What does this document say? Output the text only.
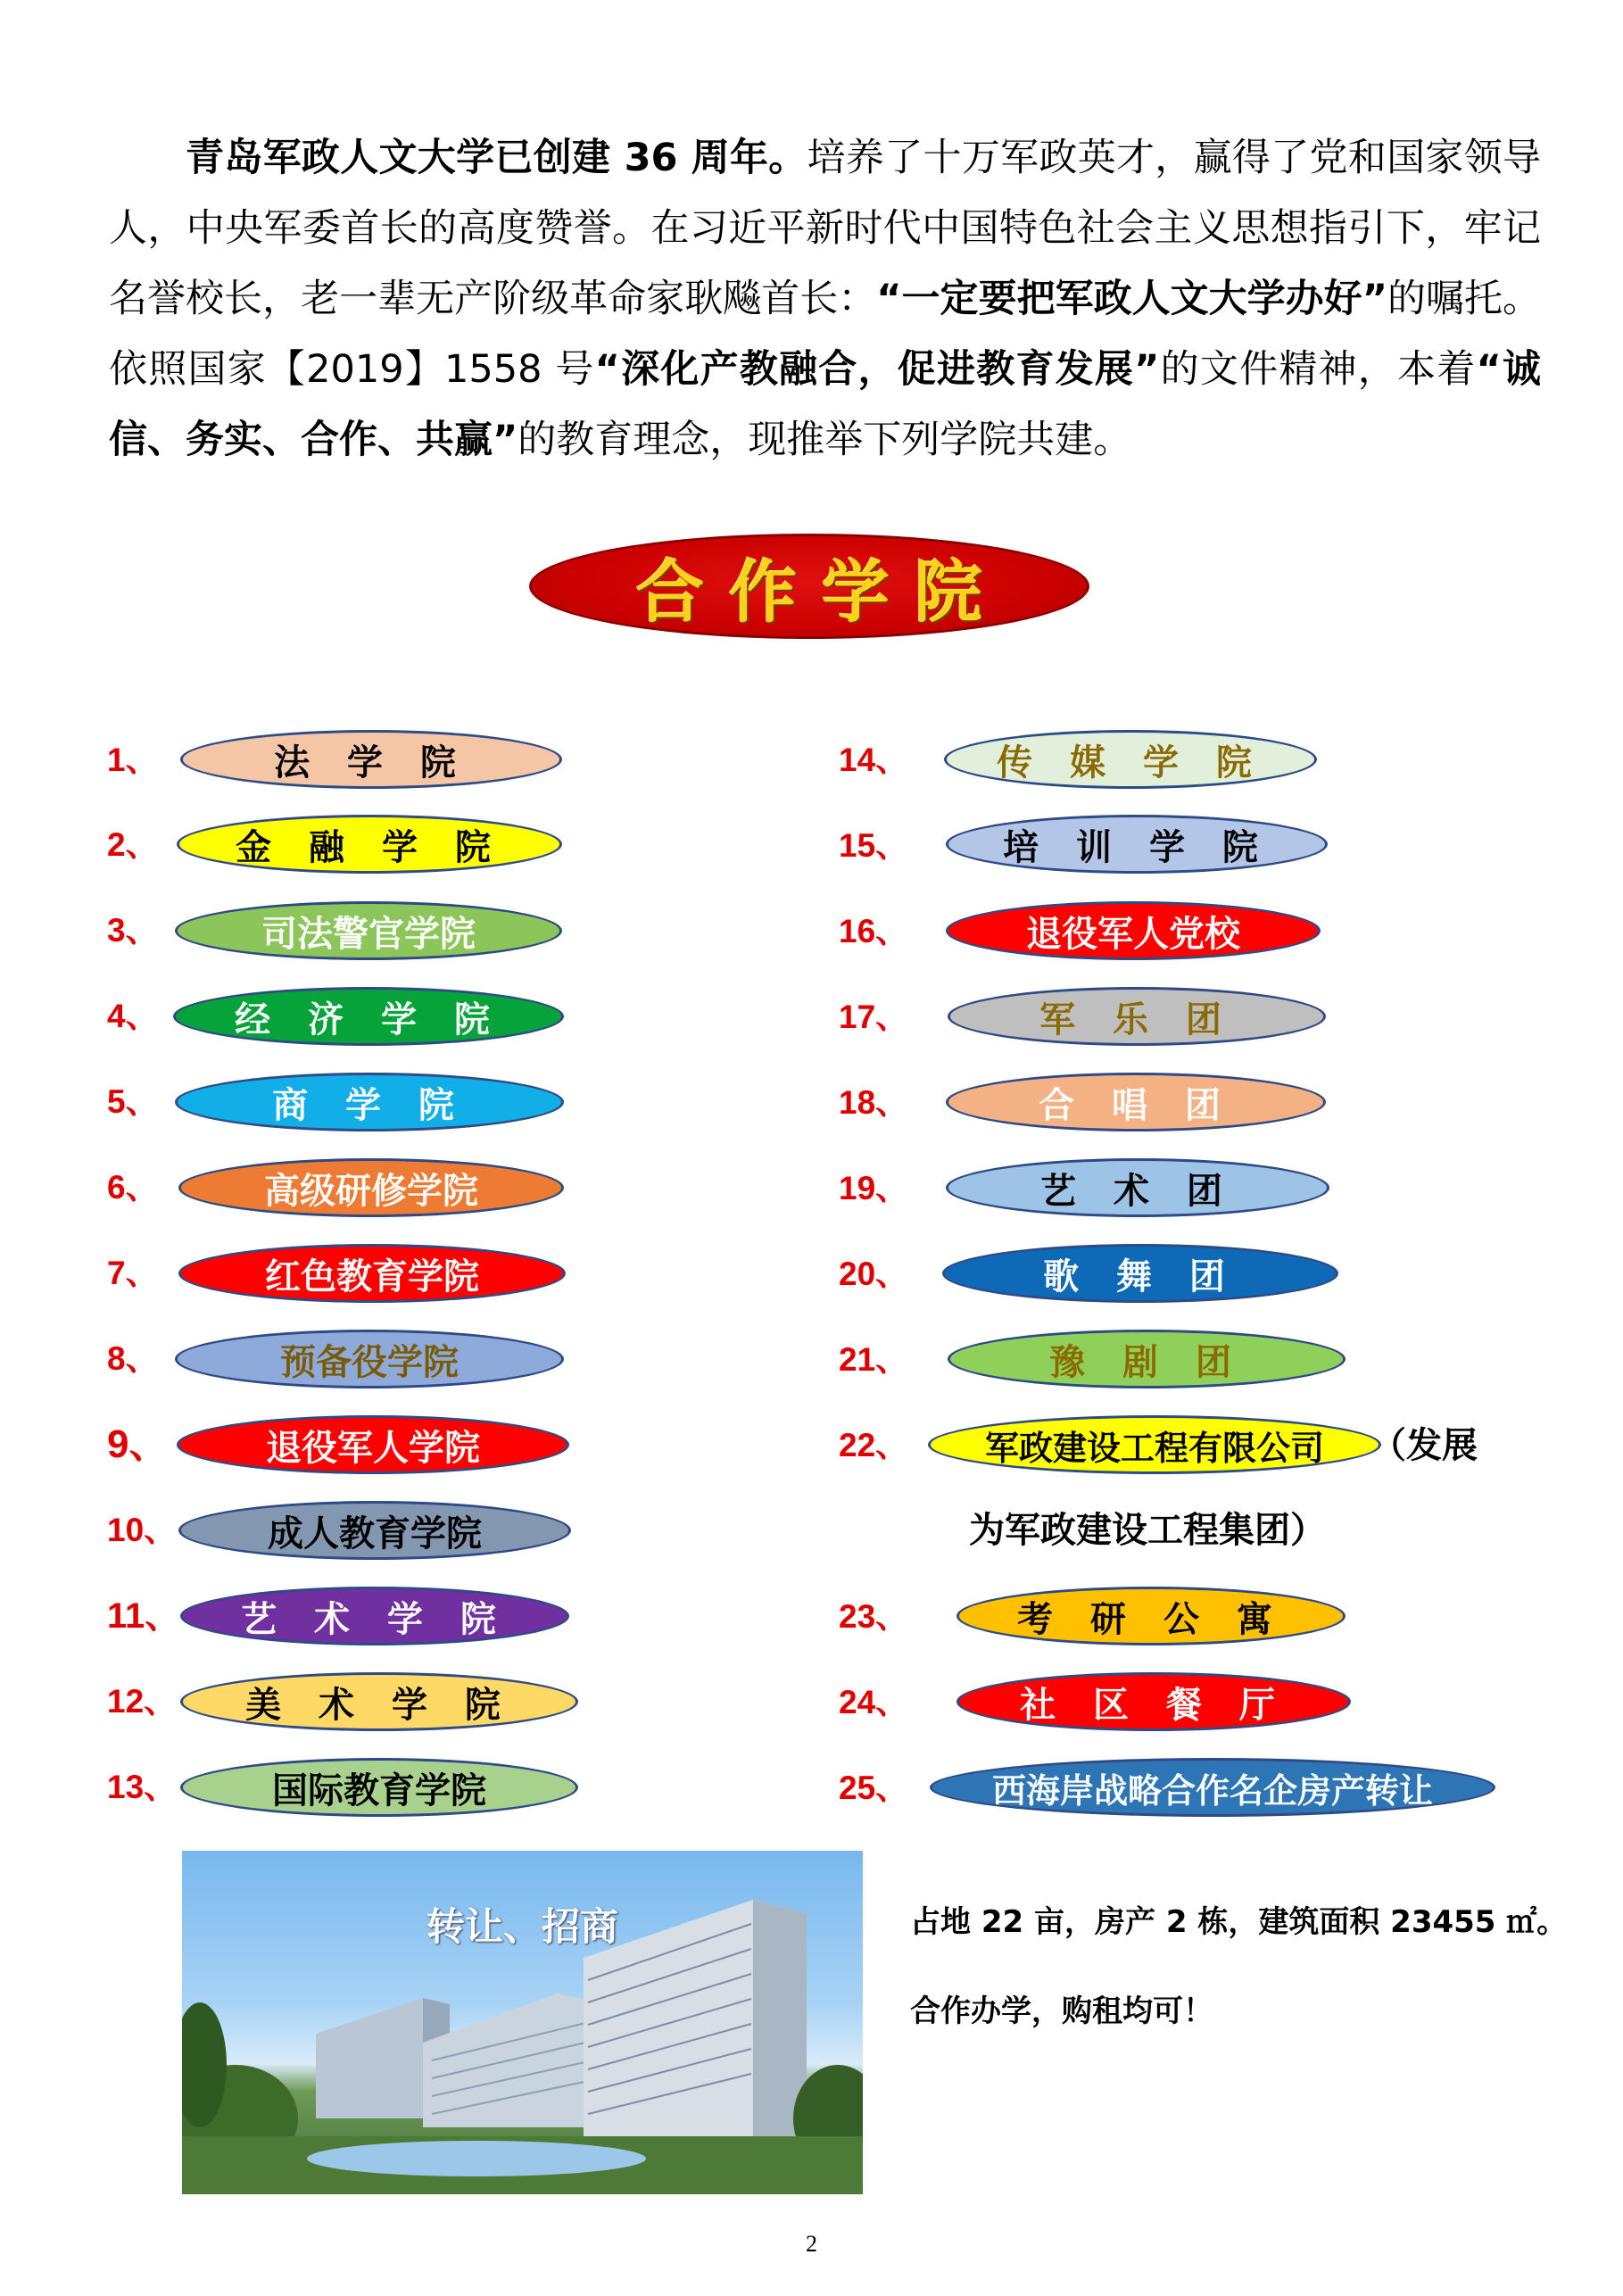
青岛军政人文大学已创建 36 周年。培养了十万军政英才，赢得了党和国家领导人，中央军委首长的高度赞誉。在习近平新时代中国特色社会主义思想指引下，牢记名誉校长，老一辈无产阶级革命家耿飚首长：“一定要把军政人文大学办好”的嘱托。依照国家【2019】1558 号“深化产教融合，促进教育发展”的文件精神，本着“诚信、务实、合作、共赢”的教育理念，现推举下列学院共建。

合作学院
1、	法 学 院
2、 金 融 学 院
3、	司法警官学院
4、 经 济 学 院
5、	商 学 院
6、	高级研修学院
7、	红色教育学院
8、	预备役学院
9、	退役军人学院
10、	成人教育学院
11、 艺 术 学 院
12、 美 术 学 院
13、	国际教育学院
14、 传 媒 学 院
15、	培 训 学 院
16、	退役军人党校
17、	军 乐 团
18、	合 唱 团
19、	艺 术 团
20、	歌 舞 团
21、	豫 剧 团
22、 军政建设工程有限公司 （发展
为军政建设工程集团）
23、	考 研 公 寓
24、	社 区 餐 厅
25、 西海岸战略合作名企房产转让
转让、招商	占地 22 亩，房产 2 栋，建筑面积 23455 ㎡。
合作办学，购租均可！
2
